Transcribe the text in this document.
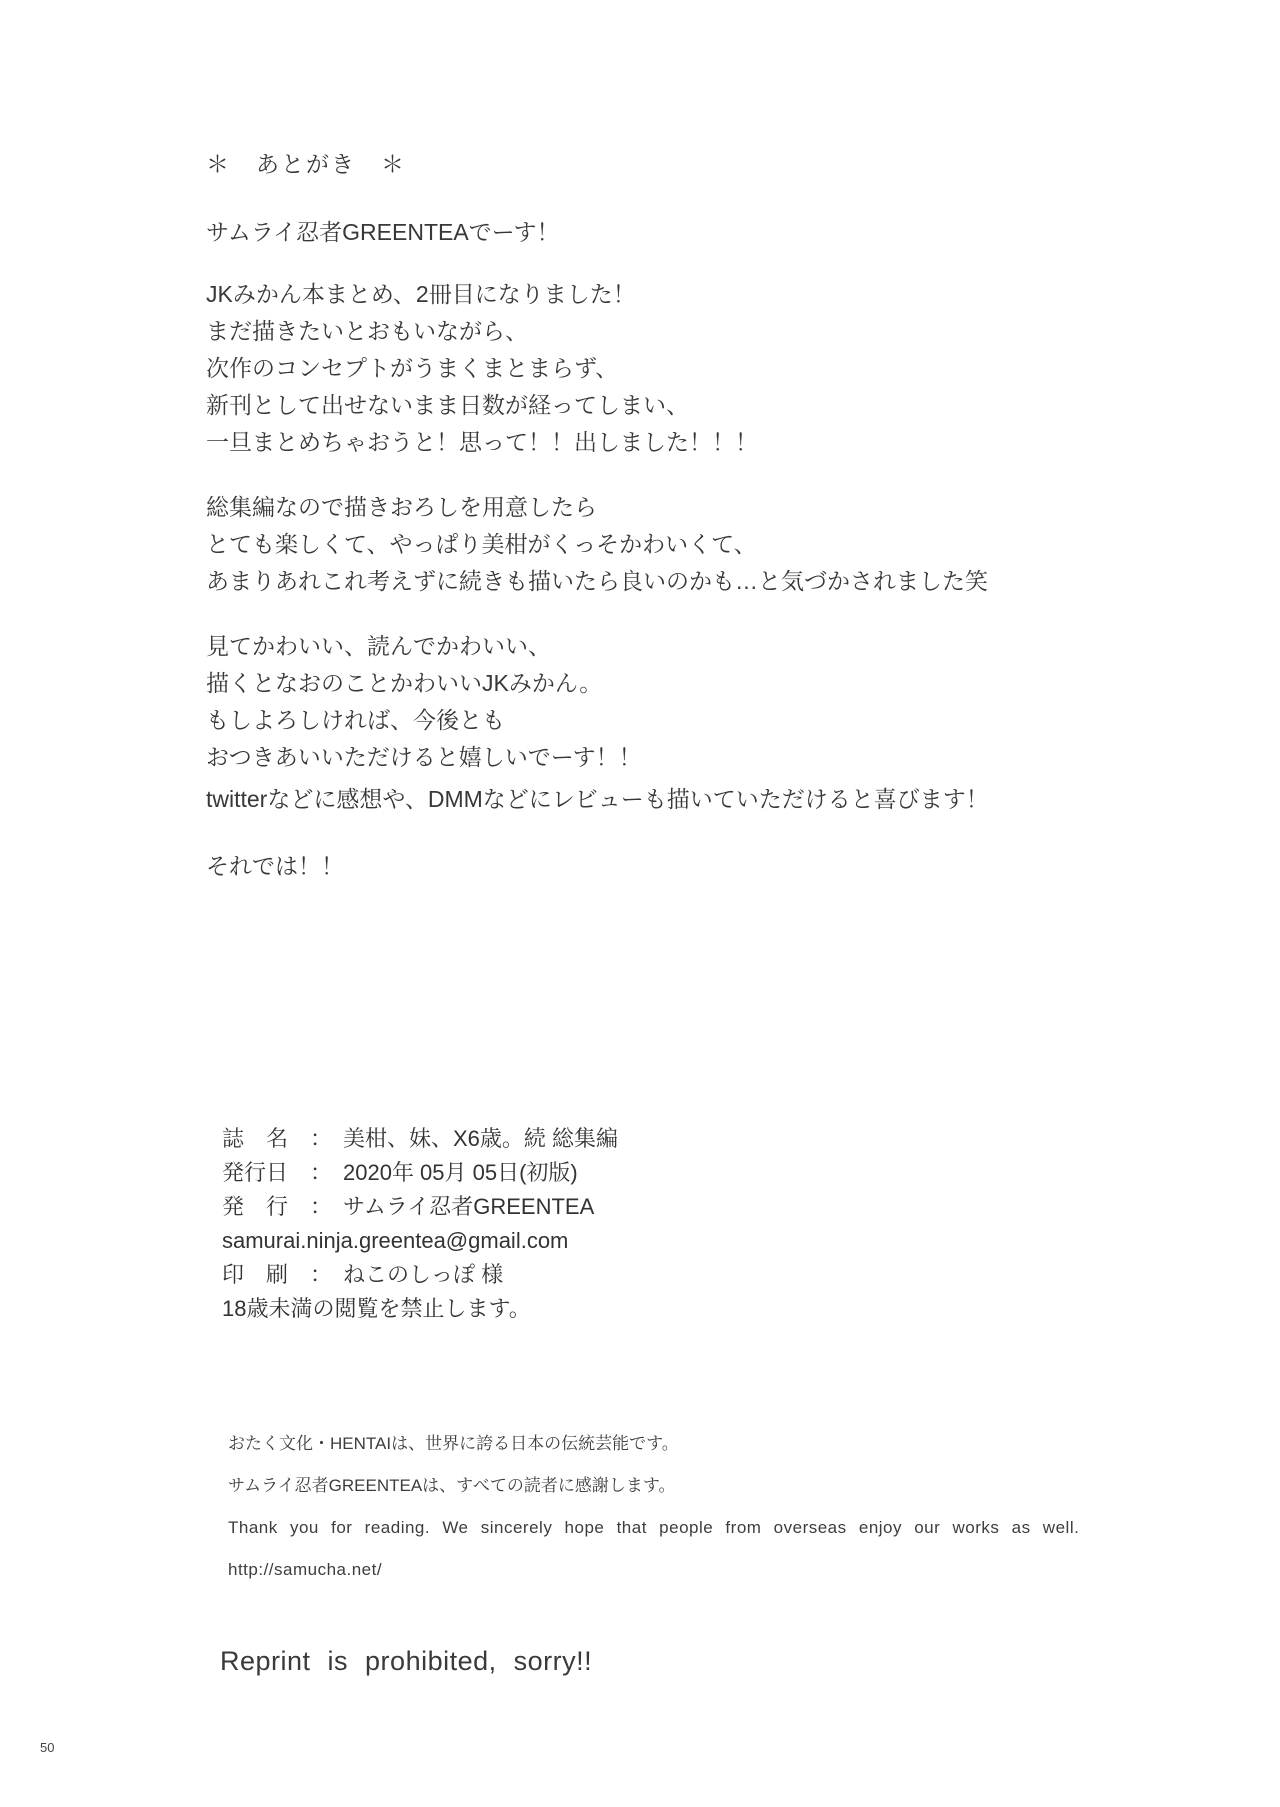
＊　あとがき　＊
サムライ忍者GREENTEAでーす！
JKみかん本まとめ、2冊目になりました！
まだ描きたいとおもいながら、
次作のコンセプトがうまくまとまらず、
新刊として出せないまま日数が経ってしまい、
一旦まとめちゃおうと！思って！！出しました！！！
総集編なので描きおろしを用意したら
とても楽しくて、やっぱり美柑がくっそかわいくて、
あまりあれこれ考えずに続きも描いたら良いのかも…と気づかされました笑
見てかわいい、読んでかわいい、
描くとなおのことかわいいJKみかん。
もしよろしければ、今後とも
おつきあいいただけると嬉しいでーす！！
twitterなどに感想や、DMMなどにレビューも描いていただけると喜びます！
それでは！！
誌　名　：　美柑、妹、X6歳。続 総集編
発行日　：　2020年 05月 05日(初版)
発　行　：　サムライ忍者GREENTEA
samurai.ninja.greentea@gmail.com
印　刷　：　ねこのしっぽ 様
18歳未満の閲覧を禁止します。
おたく文化・HENTAIは、世界に誇る日本の伝統芸能です。
サムライ忍者GREENTEAは、すべての読者に感謝します。
Thank you for reading. We sincerely hope that people from overseas enjoy our works as well.
http://samucha.net/
Reprint is prohibited, sorry!!
50
